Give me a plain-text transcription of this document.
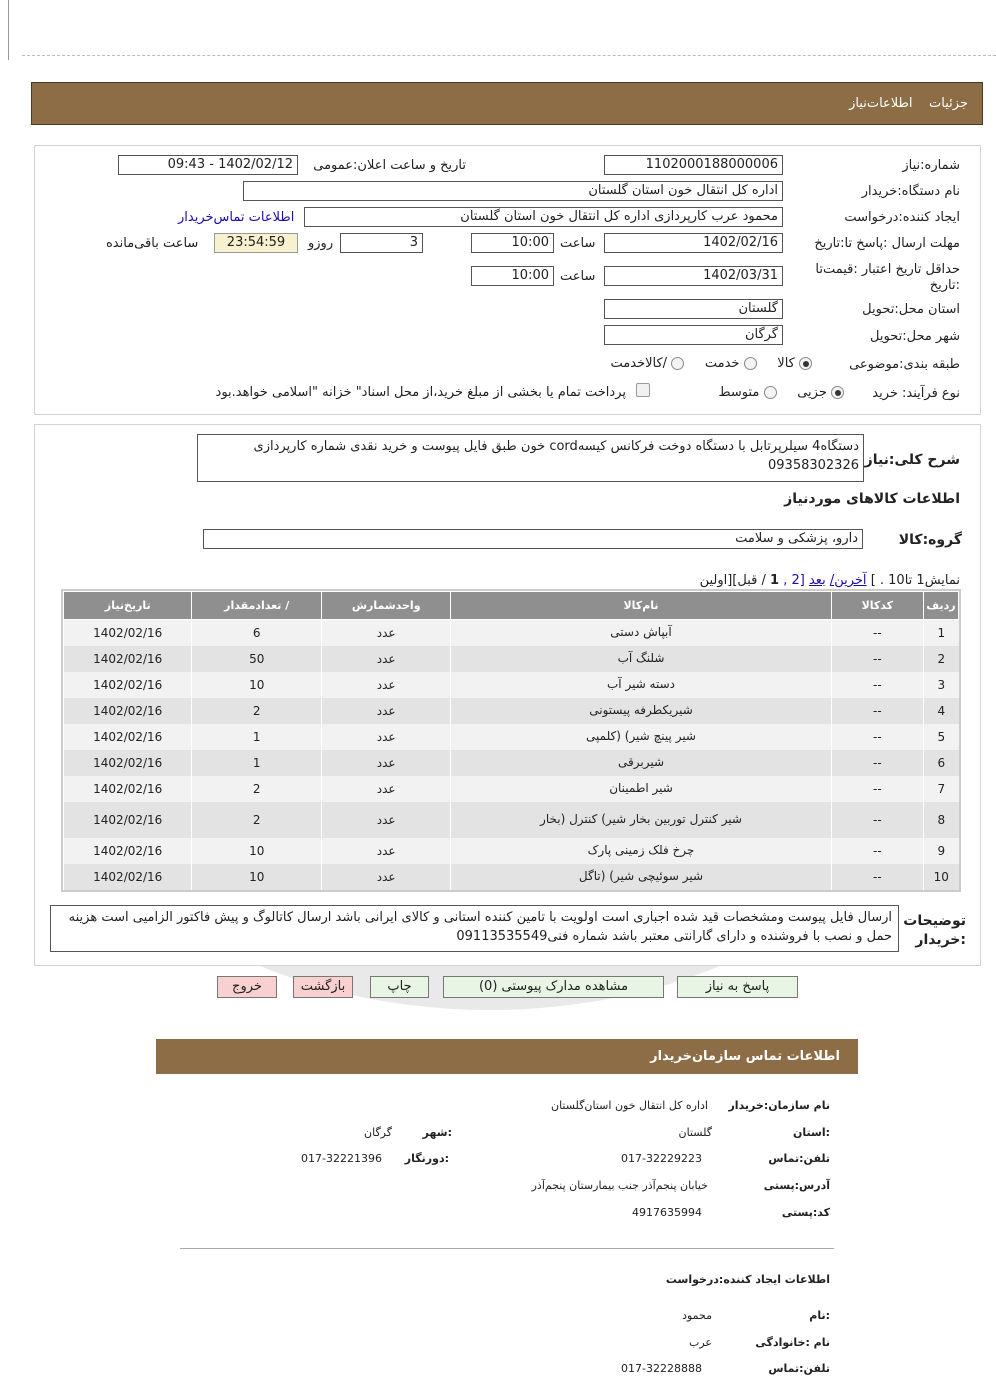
جزئیات    اطلاعات‌نیاز
شماره:نیاز
1102000188000006
تاریخ و ساعت اعلان:عمومی
1402/02/12 - 09:43
نام دستگاه:خریدار
اداره کل انتقال خون استان گلستان
ایجاد کننده:درخواست
محمود عرب کارپردازی اداره کل انتقال خون استان گلستان
اطلاعات تماس‌خریدار
مهلت ارسال :پاسخ تا:تاریخ
1402/02/16
ساعت
10:00
3
روزو
23:54:59
ساعت باقی‌مانده
حداقل تاریخ اعتبار :قیمت‌تا :تاریخ
1402/03/31
ساعت
10:00
استان محل:تحویل
گلستان
شهر محل:تحویل
گرگان
طبقه بندی:موضوعی
کالا      خدمت      /کالاخدمت
نوع فرآیند: خرید
جزیی      متوسط
پرداخت تمام یا بخشی از مبلغ خرید،از محل اسناد" خزانه "اسلامی خواهد.بود
شرح کلی:نیاز
دستگاه4 سیلرپرتابل با دستگاه دوخت فرکانس کیسهcord خون طبق فایل پیوست و خرید نقدی شماره کارپردازی 09358302326
اطلاعات کالاهای موردنیاز
گروه:کالا
دارو، پزشکی و سلامت
نمایش1 تا10 . ] آخرین/ بعد [2 , 1 / قبل][اولین
ردیف	کدکالا	نام‌کالا	واحدشمارش	/ تعدادمقدار	تاریخ‌نیاز
1	--	آبپاش دستی	عدد	6	1402/02/16
2	--	شلنگ آب	عدد	50	1402/02/16
3	--	دسته شیر آب	عدد	10	1402/02/16
4	--	شیریکطرفه پیستونی	عدد	2	1402/02/16
5	--	شیر پینچ شیر) (کلمپی	عدد	1	1402/02/16
6	--	شیربرقی	عدد	1	1402/02/16
7	--	شیر اطمینان	عدد	2	1402/02/16
8	--	شیر کنترل توربین بخار شیر) کنترل (بخار	عدد	2	1402/02/16
9	--	چرخ فلک زمینی پارک	عدد	10	1402/02/16
10	--	شیر سوئیچی شیر) (تاگل	عدد	10	1402/02/16
توضیحات :خریدار
ارسال فایل پیوست ومشخصات قید شده اجباری است اولویت با تامین کننده استانی و کالای ایرانی باشد ارسال کاتالوگ و پیش فاکتور الزامیی است هزینه حمل و نصب با فروشنده و دارای گارانتی معتبر باشد شماره فنی09113535549
پاسخ به نیاز
مشاهده مدارک پیوستی (0)
چاپ
بازگشت
خروج
اطلاعات تماس سازمان‌خریدار
نام سازمان:خریدار
اداره کل انتقال خون استان‌گلستان
:استان
گلستان
:شهر
گرگان
تلفن:تماس
017-32229223
:دورنگار
017-32221396
آدرس:پستی
خیابان پنجم‌آذر جنب بیمارستان پنجم‌آذر
کد:پستی
4917635994
اطلاعات ایجاد کننده:درخواست
:نام
محمود
نام :خانوادگی
عرب
تلفن:تماس
017-32228888
